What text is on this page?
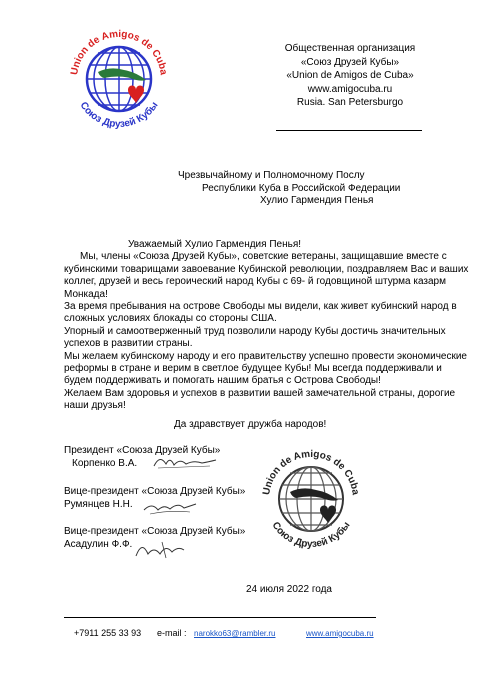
Union de Amigos de Cuba
Союз Друзей Кубы
Общественная организация
«Союз Друзей Кубы»
«Union de Amigos de Cuba»
www.amigocuba.ru
Rusia. San Petersburgo
Чрезвычайному и Полномочному Послу
Республики Куба в Российской Федерации
Хулио Гармендия Пенья
Уважаемый Хулио Гармендия Пенья!
Мы, члены «Союза Друзей Кубы», советские ветераны, защищавшие вместе с
кубинскими товарищами завоевание Кубинской революции, поздравляем Вас и ваших
коллег, друзей и весь героический народ Кубы с 69- й годовщиной штурма казарм
Монкада!
За время пребывания на острове Свободы мы видели, как живет кубинский народ в
сложных условиях блокады со стороны США.
Упорный и самоотверженный труд позволили народу Кубы достичь значительных
успехов в развитии страны.
Мы желаем кубинскому народу и его правительству успешно провести экономические
реформы в стране и верим в светлое будущее Кубы! Мы всегда поддерживали и
будем поддерживать и помогать нашим братья с Острова Свободы!
Желаем Вам здоровья и успехов в развитии вашей замечательной страны, дорогие
наши друзья!
Да здравствует дружба народов!
Президент «Союза Друзей Кубы»
Корпенко В.А.
Вице-президент «Союза Друзей Кубы»
Румянцев Н.Н.
Вице-президент «Союза Друзей Кубы»
Асадулин Ф.Ф.
Union de Amigos de Cuba
Союз Друзей Кубы
24 июля 2022 года
+7911 255 33 93 e-mail : narokko63@rambler.ru	www.amigocuba.ru
